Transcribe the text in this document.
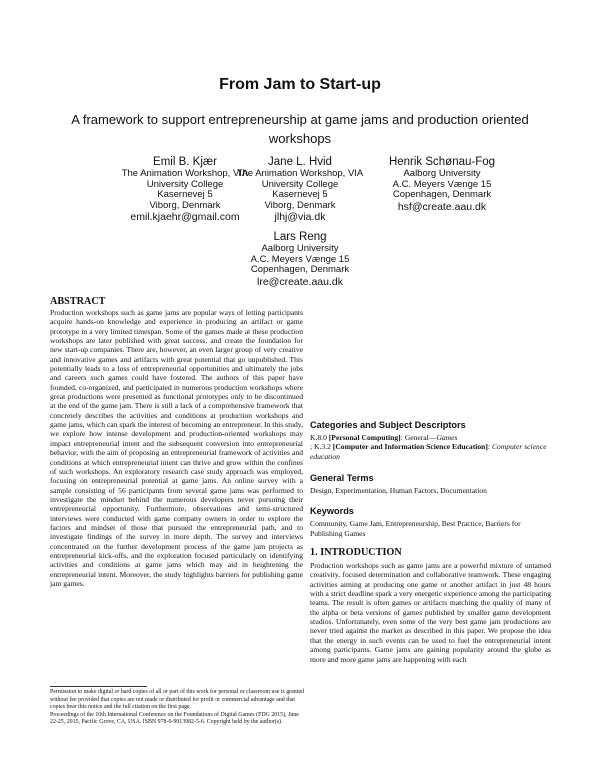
From Jam to Start-up
A framework to support entrepreneurship at game jams and production oriented workshops
Emil B. Kjær
The Animation Workshop, VIA
University College
Kasernevej 5
Viborg, Denmark
emil.kjaehr@gmail.com
Jane L. Hvid
The Animation Workshop, VIA
University College
Kasernevej 5
Viborg, Denmark
jlhj@via.dk
Henrik Schønau-Fog
Aalborg University
A.C. Meyers Vænge 15
Copenhagen, Denmark
hsf@create.aau.dk
Lars Reng
Aalborg University
A.C. Meyers Vænge 15
Copenhagen, Denmark
lre@create.aau.dk
ABSTRACT

Production workshops such as game jams are popular ways of letting participants acquire hands-on knowledge and experience in producing an artifact or game prototype in a very limited timespan. Some of the games made at these production workshops are later published with great success, and create the foundation for new start-up companies. There are, however, an even larger group of very creative and innovative games and artifacts with great potential that go unpublished. This potentially leads to a loss of entrepreneurial opportunities and ultimately the jobs and careers such games could have fostered. The authors of this paper have founded, co-organized, and participated in numerous production workshops where great productions were presented as functional prototypes only to be discontinued at the end of the game jam. There is still a lack of a comprehensive framework that concretely describes the activities and conditions at production workshops and game jams, which can spark the interest of becoming an entrepreneur. In this study, we explore how intense development and production-oriented workshops may impact entrepreneurial intent and the subsequent conversion into entrepreneurial behavior, with the aim of proposing an entrepreneurial framework of activities and conditions at which entrepreneurial intent can thrive and grow within the confines of such workshops. An exploratory research case study approach was employed, focusing on entrepreneurial potential at game jams. An online survey with a sample consisting of 56 participants from several game jams was performed to investigate the mindset behind the numerous developers never pursuing their entrepreneurial opportunity. Furthermore, observations and semi-structured interviews were conducted with game company owners in order to explore the factors and mindset of those that pursued the entrepreneurial path, and to investigate findings of the survey in more depth. The survey and interviews concentrated on the further development process of the game jam projects as entrepreneurial kick-offs, and the exploration focused particularly on identifying activities and conditions at game jams which may aid in heightening the entrepreneurial intent. Moreover, the study highlights barriers for publishing game jam games.

Categories and Subject Descriptors

K.8.0 [Personal Computing]: General—Games
; K.3.2 [Computer and Information Science Education]: Computer science education

General Terms

Design, Experimentation, Human Factors, Documentation

Keywords

Community, Game Jam, Entrepreneurship, Best Practice, Barriers for Publishing Games

1. INTRODUCTION

Production workshops such as game jams are a powerful mixture of untamed creativity, focused determination and collaborative teamwork. These engaging activities aiming at producing one game or another artifact in just 48 hours with a strict deadline spark a very energetic experience among the participating teams. The result is often games or artifacts matching the quality of many of the alpha or beta versions of games published by smaller game development studios. Unfortunately, even some of the very best game jam productions are never tried against the market as described in this paper. We propose the idea that the energy in such events can be used to fuel the entrepreneurial intent among participants. Game jams are gaining popularity around the globe as more and more game jams are happening with each

Permission to make digital or hard copies of all or part of this work for personal or classroom use is granted without fee provided that copies are not made or distributed for profit or commercial advantage and that copies bear this notice and the full citation on the first page.

Proceedings of the 10th International Conference on the Foundations of Digital Games (FDG 2015), June 22-25, 2015, Pacific Grove, CA, USA. ISBN 978-0-9913982-5-6. Copyright held by the author(s).
